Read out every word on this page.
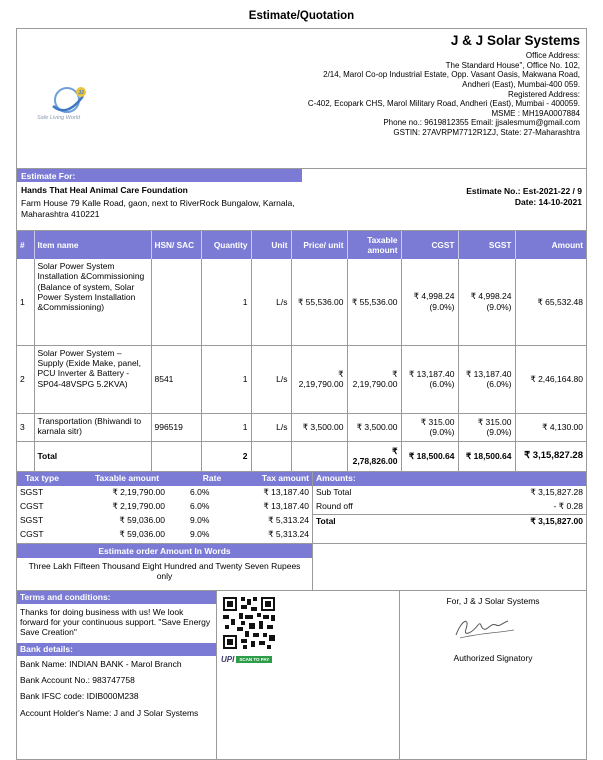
Estimate/Quotation
JJ
Safe Living World
J & J Solar Systems
Office Address:
The Standard House", Office No. 102,
2/14, Marol Co-op Industrial Estate, Opp. Vasant Oasis, Makwana Road,
Andheri (East), Mumbai-400 059.
Registered Address:
C-402, Ecopark CHS, Marol Military Road, Andheri (East), Mumbai - 400059.
MSME : MH19A0007884
Phone no.: 9619812355 Email: jjsalesmum@gmail.com
GSTIN: 27AVRPM7712R1ZJ, State: 27-Maharashtra
Estimate For:
Hands That Heal Animal Care Foundation
Farm House 79 Kalle Road, gaon, next to RiverRock Bungalow, Karnala, Maharashtra 410221
Estimate No.: Est-2021-22 / 9
Date: 14-10-2021
#	Item name	HSN/ SAC	Quantity	Unit	Price/ unit	Taxable amount	CGST	SGST	Amount
1	Solar Power System Installation &Commissioning (Balance of system, Solar Power System Installation &Commissioning)		1	L/s	₹ 55,536.00	₹ 55,536.00	₹ 4,998.24 (9.0%)	₹ 4,998.24 (9.0%)	₹ 65,532.48
2	Solar Power System – Supply (Exide Make, panel, PCU Inverter & Battery - SP04-48VSPG 5.2KVA)	8541	1	L/s	₹ 2,19,790.00	₹ 2,19,790.00	₹ 13,187.40 (6.0%)	₹ 13,187.40 (6.0%)	₹ 2,46,164.80
3	Transportation (Bhiwandi to karnala sitr)	996519	1	L/s	₹ 3,500.00	₹ 3,500.00	₹ 315.00 (9.0%)	₹ 315.00 (9.0%)	₹ 4,130.00
	Total		2			₹ 2,78,826.00	₹ 18,500.64	₹ 18,500.64	₹ 3,15,827.28
Tax type	Taxable amount	Rate	Tax amount
SGST	₹ 2,19,790.00	6.0%	₹ 13,187.40
CGST	₹ 2,19,790.00	6.0%	₹ 13,187.40
SGST	₹ 59,036.00	9.0%	₹ 5,313.24
CGST	₹ 59,036.00	9.0%	₹ 5,313.24
Amounts:	
Sub Total	₹ 3,15,827.28
Round off	- ₹ 0.28
Total	₹ 3,15,827.00

Estimate order Amount In Words
Three Lakh Fifteen Thousand Eight Hundred and Twenty Seven Rupees only
Terms and conditions:
Thanks for doing business with us! We look forward for your continuous support. "Save Energy Save Creation"
Bank details:
Bank Name: INDIAN BANK - Marol Branch
Bank Account No.: 983747758
Bank IFSC code: IDIB000M238
Account Holder's Name: J and J Solar Systems
UPI	SCAN TO PAY
For, J & J Solar Systems
Authorized Signatory
